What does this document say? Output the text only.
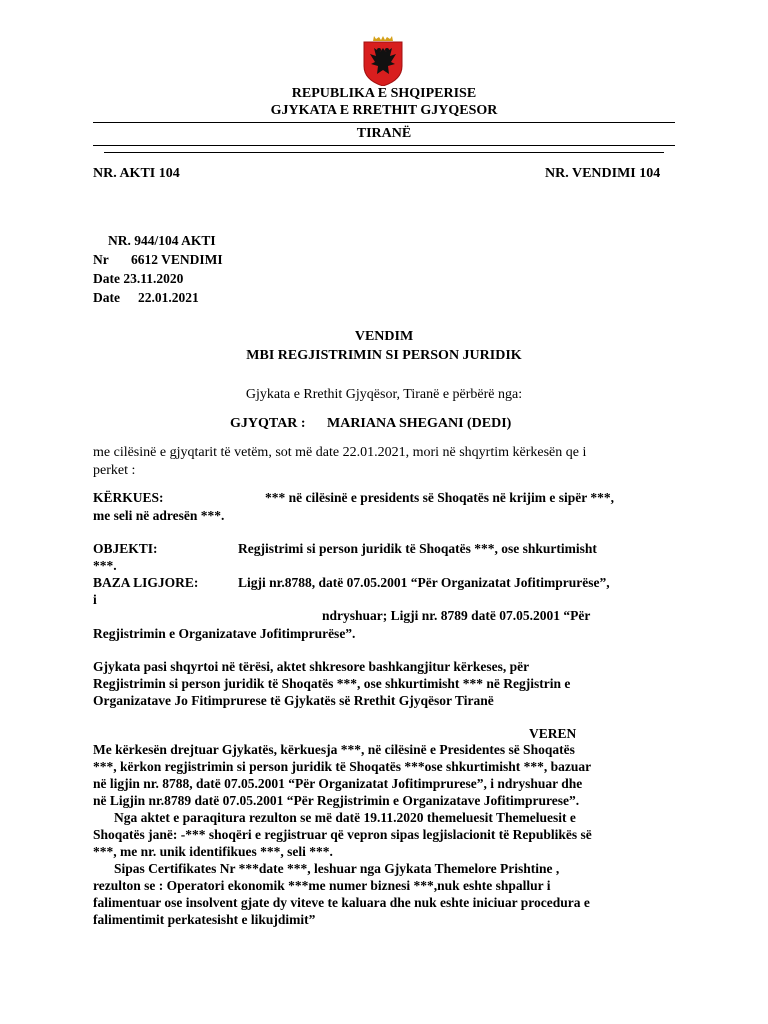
REPUBLIKA E SHQIPERISE
GJYKATA E RRETHIT GJYQESOR
TIRANË
NR. AKTI 104	NR. VENDIMI 104
NR. 944/104 AKTI
Nr 6612 VENDIMI
Date 23.11.2020
Date 22.01.2021
VENDIM
MBI REGJISTRIMIN SI PERSON JURIDIK
Gjykata e Rrethit Gjyqësor, Tiranë e përbërë nga:
GJYQTAR : MARIANA SHEGANI (DEDI)
me cilësinë e gjyqtarit të vetëm, sot më date 22.01.2021, mori në shqyrtim kërkesën qe i
perket :
KËRKUES:	*** në cilësinë e presidents së Shoqatës në krijim e sipër ***,
me seli në adresën ***.
OBJEKTI:	Regjistrimi si person juridik të Shoqatës ***, ose shkurtimisht
***.
BAZA LIGJORE:	Ligji nr.8788, datë 07.05.2001 “Për Organizatat Jofitimprurëse”,
i
ndryshuar; Ligji nr. 8789 datë 07.05.2001 “Për
Regjistrimin e Organizatave Jofitimprurëse”.
Gjykata pasi shqyrtoi në tërësi, aktet shkresore bashkangjitur kërkeses, për
Regjistrimin si person juridik të Shoqatës ***, ose shkurtimisht *** në Regjistrin e
Organizatave Jo Fitimprurese të Gjykatës së Rrethit Gjyqësor Tiranë
VEREN
Me kërkesën drejtuar Gjykatës, kërkuesja ***, në cilësinë e Presidentes së Shoqatës
***, kërkon regjistrimin si person juridik të Shoqatës ***ose shkurtimisht ***, bazuar
në ligjin nr. 8788, datë 07.05.2001 “Për Organizatat Jofitimprurese”, i ndryshuar dhe
në Ligjin nr.8789 datë 07.05.2001 “Për Regjistrimin e Organizatave Jofitimprurese”.
Nga aktet e paraqitura rezulton se më datë 19.11.2020 themeluesit Themeluesit e
Shoqatës janë: -*** shoqëri e regjistruar që vepron sipas legjislacionit të Republikës së
***, me nr. unik identifikues ***, seli ***.
Sipas Certifikates Nr ***date ***, leshuar nga Gjykata Themelore Prishtine ,
rezulton se : Operatori ekonomik ***me numer biznesi ***,nuk eshte shpallur i
falimentuar ose insolvent gjate dy viteve te kaluara dhe nuk eshte iniciuar procedura e
falimentimit perkatesisht e likujdimit”
